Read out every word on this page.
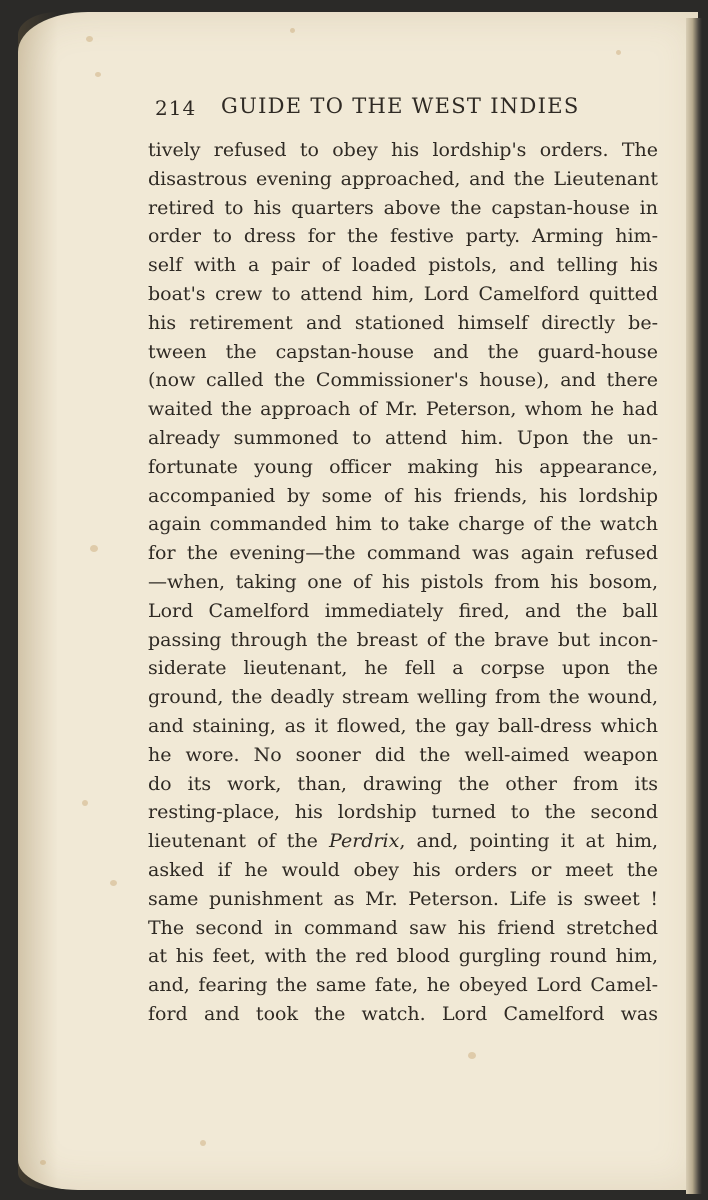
214 GUIDE TO THE WEST INDIES
tively refused to obey his lordship's orders. The
disastrous evening approached, and the Lieutenant
retired to his quarters above the capstan-house in
order to dress for the festive party. Arming him-
self with a pair of loaded pistols, and telling his
boat's crew to attend him, Lord Camelford quitted
his retirement and stationed himself directly be-
tween the capstan-house and the guard-house
(now called the Commissioner's house), and there
waited the approach of Mr. Peterson, whom he had
already summoned to attend him. Upon the un-
fortunate young officer making his appearance,
accompanied by some of his friends, his lordship
again commanded him to take charge of the watch
for the evening—the command was again refused
—when, taking one of his pistols from his bosom,
Lord Camelford immediately fired, and the ball
passing through the breast of the brave but incon-
siderate lieutenant, he fell a corpse upon the
ground, the deadly stream welling from the wound,
and staining, as it flowed, the gay ball-dress which
he wore. No sooner did the well-aimed weapon
do its work, than, drawing the other from its
resting-place, his lordship turned to the second
lieutenant of the Perdrix, and, pointing it at him,
asked if he would obey his orders or meet the
same punishment as Mr. Peterson. Life is sweet !
The second in command saw his friend stretched
at his feet, with the red blood gurgling round him,
and, fearing the same fate, he obeyed Lord Camel-
ford and took the watch. Lord Camelford was
